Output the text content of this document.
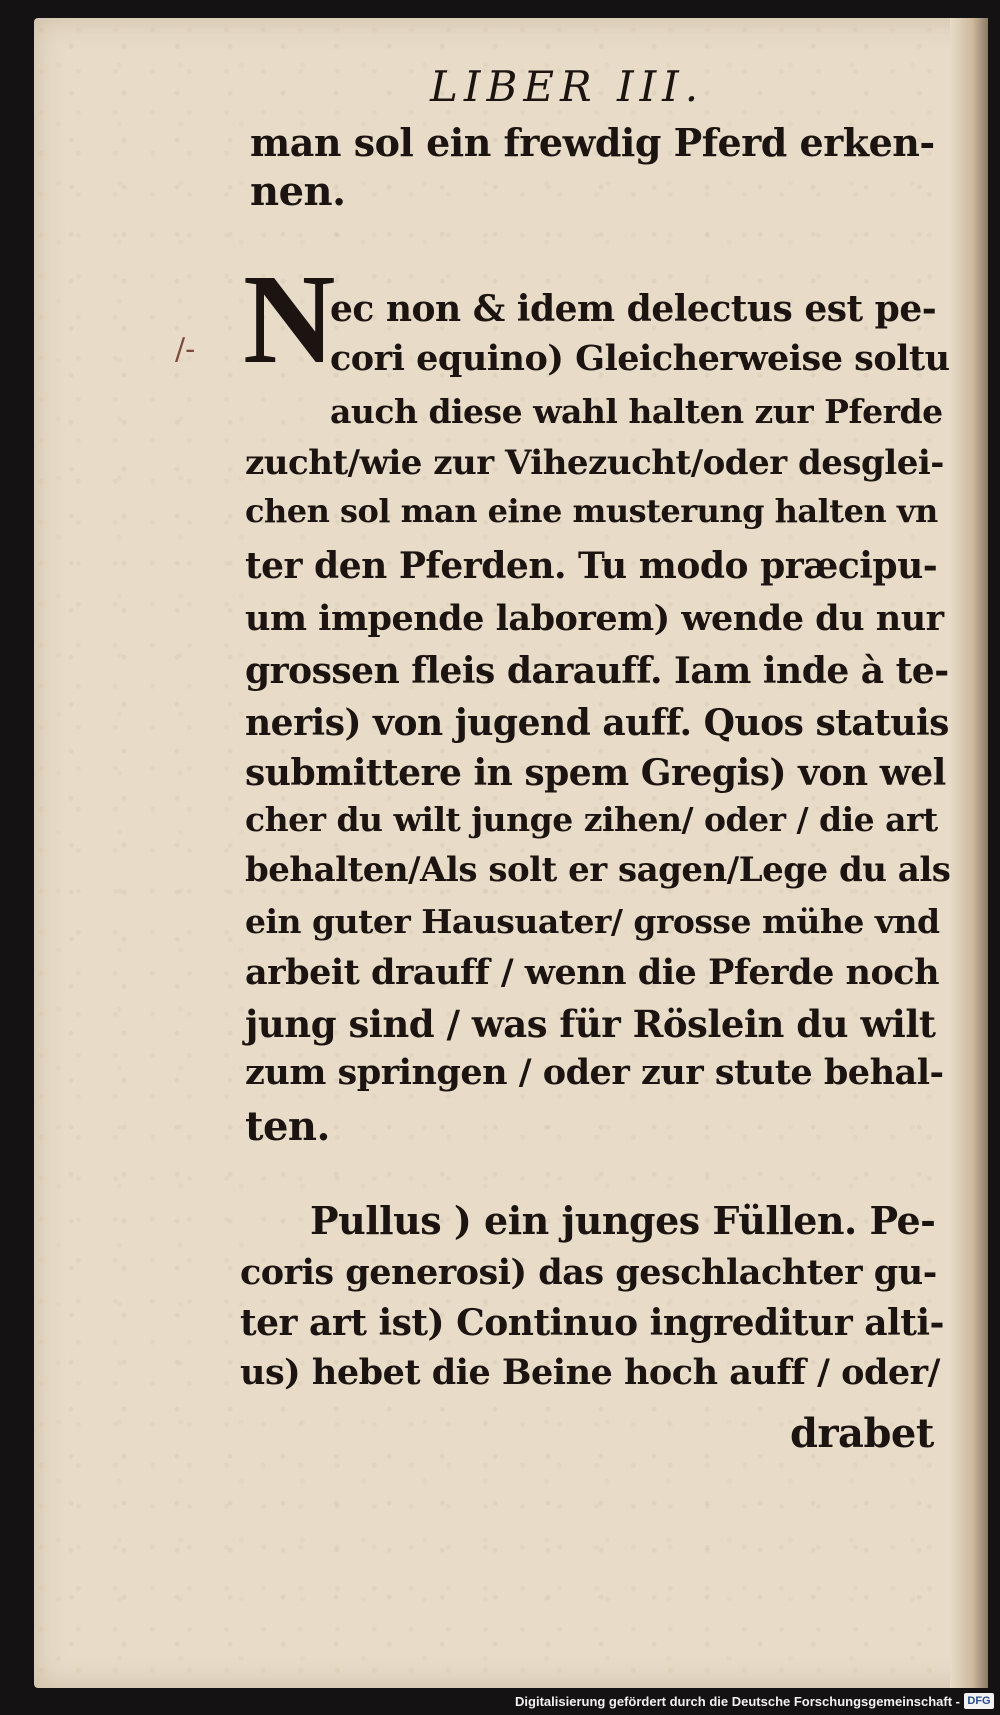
LIBER III.
man sol ein frewdig Pferd erken-
nen.
/- N
ec non & idem delectus est pe-
cori equino) Gleicherweise soltu
auch diese wahl halten zur Pferde
zucht/wie zur Vihezucht/oder desglei-
chen sol man eine musterung halten vn
ter den Pferden. Tu modo præcipu-
um impende laborem) wende du nur
grossen fleis darauff. Iam inde à te-
neris) von jugend auff. Quos statuis
submittere in spem Gregis) von wel
cher du wilt junge zihen/ oder / die art
behalten/Als solt er sagen/Lege du als
ein guter Hausuater/ grosse mühe vnd
arbeit drauff / wenn die Pferde noch
jung sind / was für Röslein du wilt
zum springen / oder zur stute behal-
ten.
Pullus ) ein junges Füllen. Pe-
coris generosi) das geschlachter gu-
ter art ist) Continuo ingreditur alti-
us) hebet die Beine hoch auff / oder/
drabet
Digitalisierung gefördert durch die Deutsche Forschungsgemeinschaft - DFG
